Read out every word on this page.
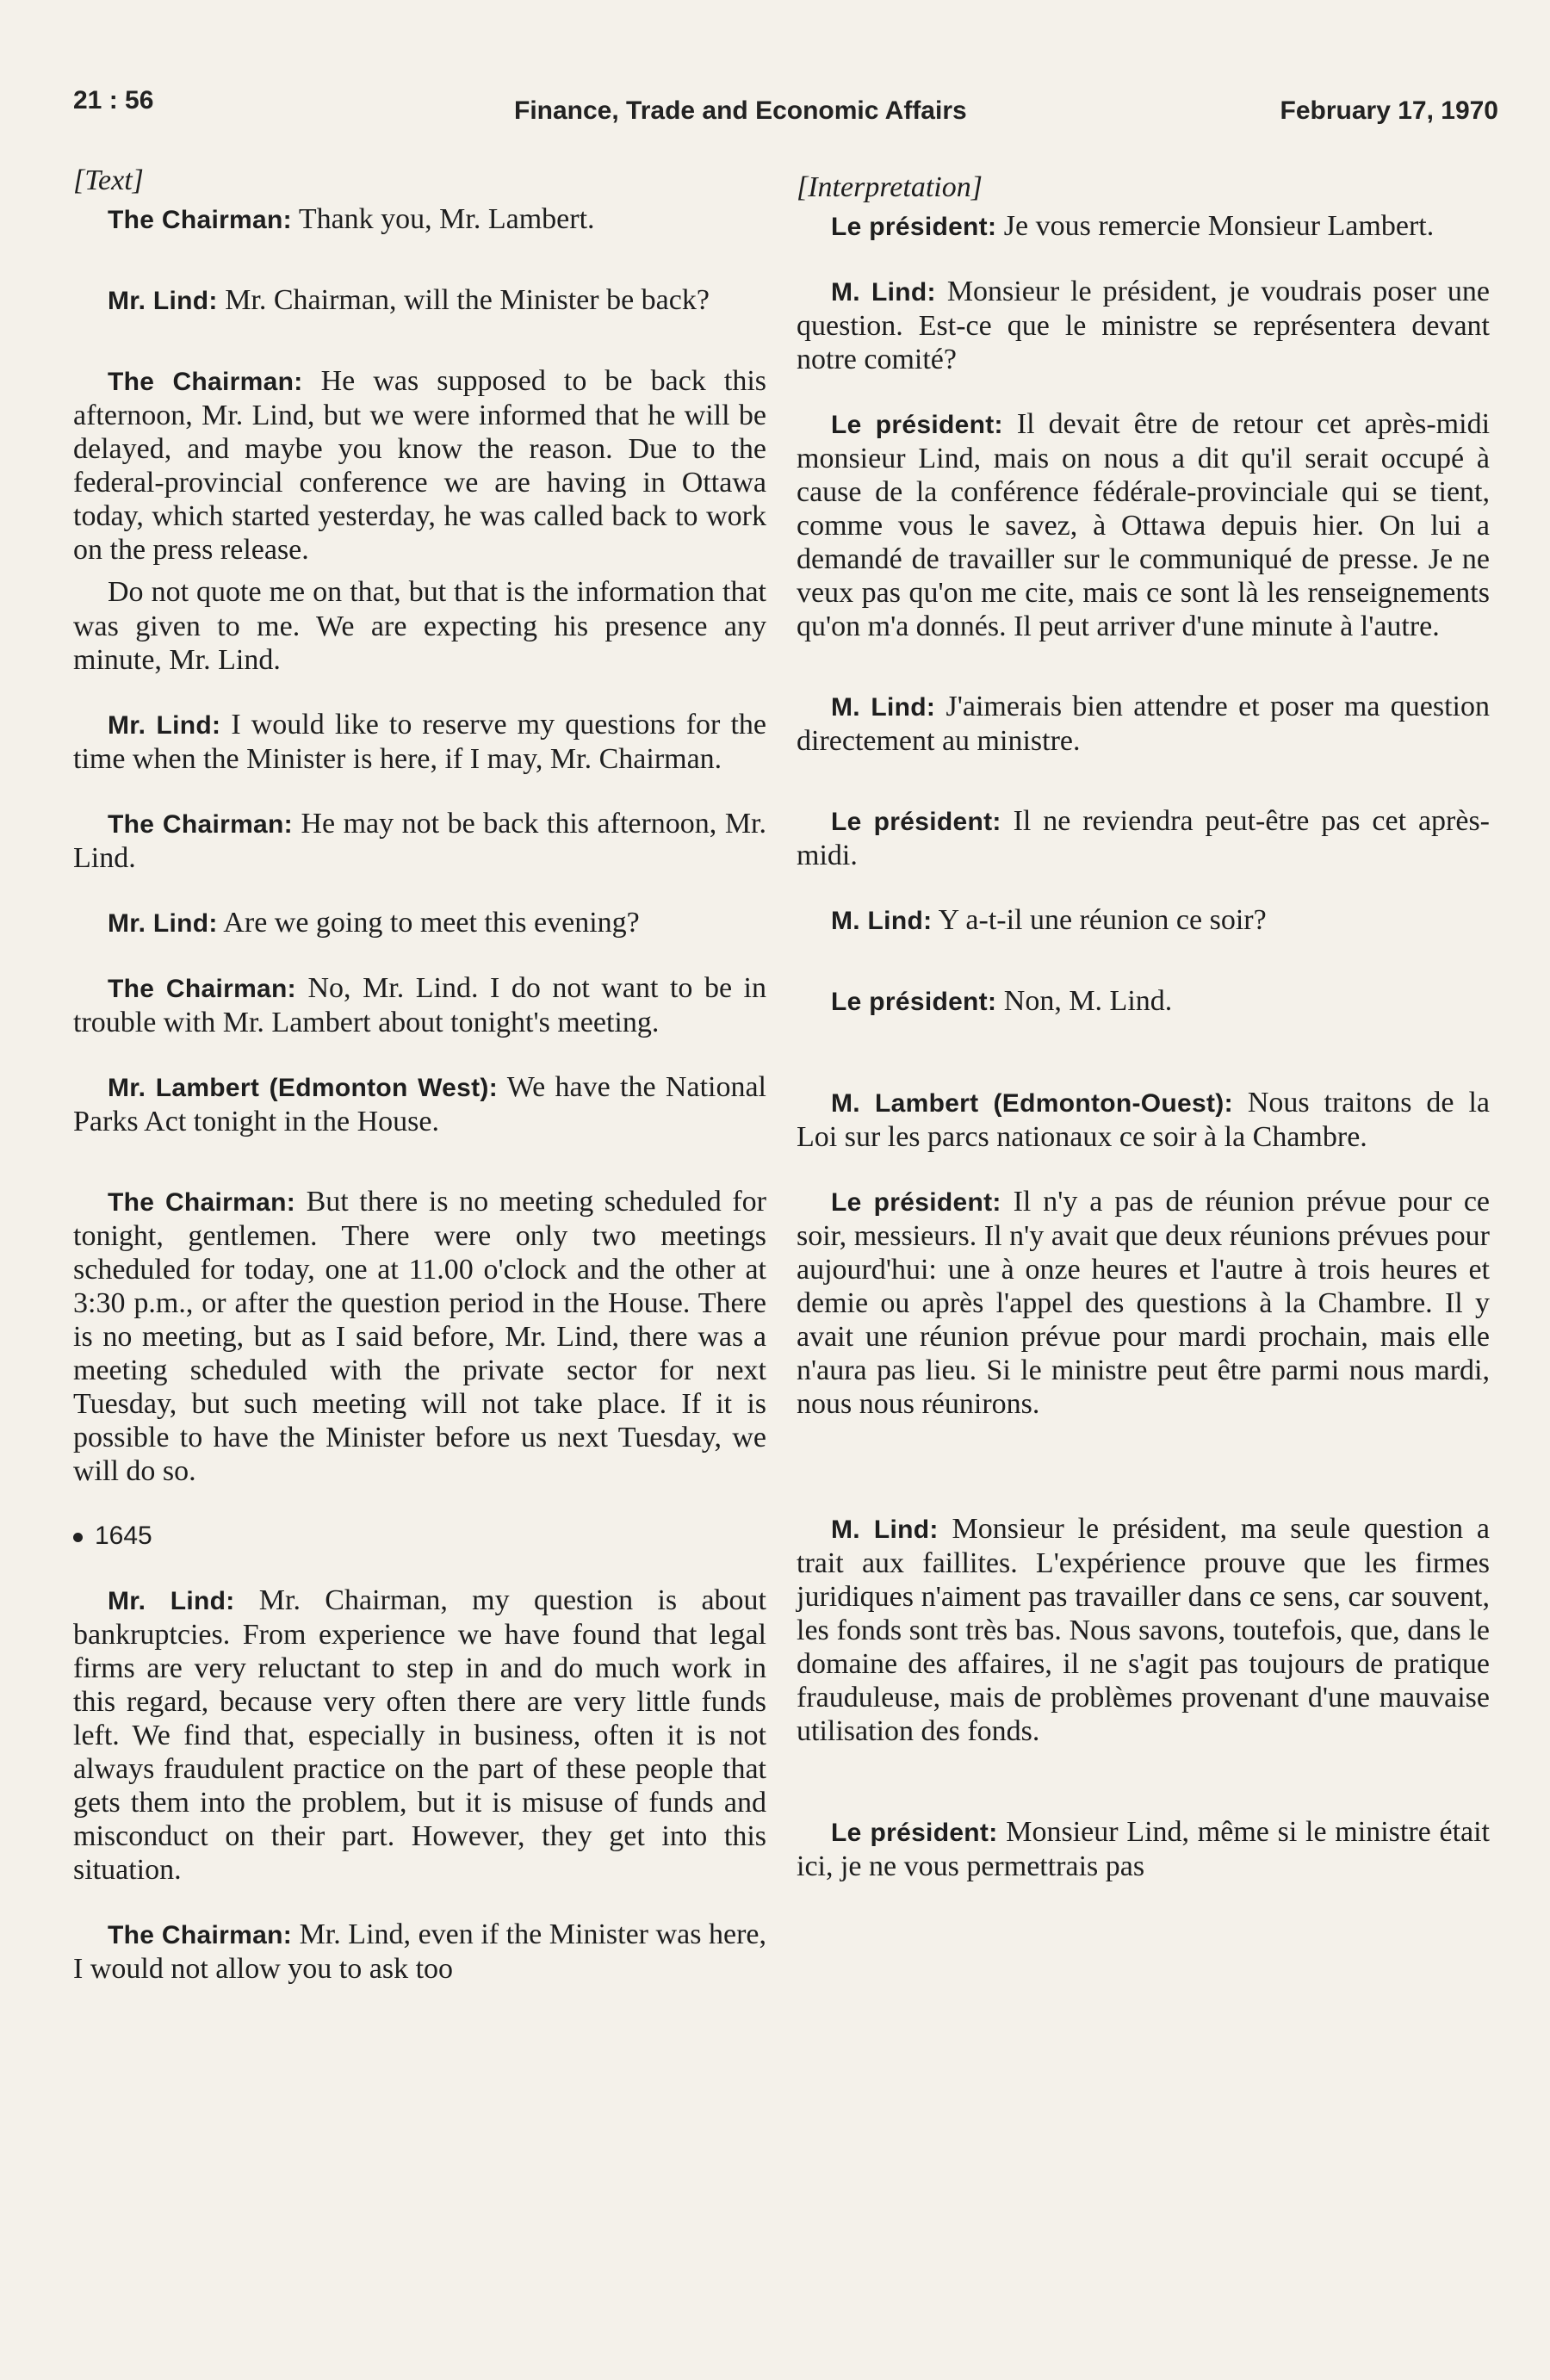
21 : 56	Finance, Trade and Economic Affairs	February 17, 1970
[Text]

The Chairman: Thank you, Mr. Lambert.

Mr. Lind: Mr. Chairman, will the Minister be back?

The Chairman: He was supposed to be back this afternoon, Mr. Lind, but we were informed that he will be delayed, and maybe you know the reason. Due to the federal-provincial conference we are having in Ottawa today, which started yesterday, he was called back to work on the press release.

Do not quote me on that, but that is the information that was given to me. We are expecting his presence any minute, Mr. Lind.

Mr. Lind: I would like to reserve my questions for the time when the Minister is here, if I may, Mr. Chairman.

The Chairman: He may not be back this afternoon, Mr. Lind.

Mr. Lind: Are we going to meet this evening?

The Chairman: No, Mr. Lind. I do not want to be in trouble with Mr. Lambert about tonight's meeting.

Mr. Lambert (Edmonton West): We have the National Parks Act tonight in the House.

The Chairman: But there is no meeting scheduled for tonight, gentlemen. There were only two meetings scheduled for today, one at 11.00 o'clock and the other at 3:30 p.m., or after the question period in the House. There is no meeting, but as I said before, Mr. Lind, there was a meeting scheduled with the private sector for next Tuesday, but such meeting will not take place. If it is possible to have the Minister before us next Tuesday, we will do so.

1645

Mr. Lind: Mr. Chairman, my question is about bankruptcies. From experience we have found that legal firms are very reluctant to step in and do much work in this regard, because very often there are very little funds left. We find that, especially in business, often it is not always fraudulent practice on the part of these people that gets them into the problem, but it is misuse of funds and misconduct on their part. However, they get into this situation.

The Chairman: Mr. Lind, even if the Minister was here, I would not allow you to ask too

[Interpretation]

Le président: Je vous remercie Monsieur Lambert.

M. Lind: Monsieur le président, je voudrais poser une question. Est-ce que le ministre se représentera devant notre comité?

Le président: Il devait être de retour cet après-midi monsieur Lind, mais on nous a dit qu'il serait occupé à cause de la conférence fédérale-provinciale qui se tient, comme vous le savez, à Ottawa depuis hier. On lui a demandé de travailler sur le communiqué de presse. Je ne veux pas qu'on me cite, mais ce sont là les renseignements qu'on m'a donnés. Il peut arriver d'une minute à l'autre.

M. Lind: J'aimerais bien attendre et poser ma question directement au ministre.

Le président: Il ne reviendra peut-être pas cet après-midi.

M. Lind: Y a-t-il une réunion ce soir?

Le président: Non, M. Lind.

M. Lambert (Edmonton-Ouest): Nous traitons de la Loi sur les parcs nationaux ce soir à la Chambre.

Le président: Il n'y a pas de réunion prévue pour ce soir, messieurs. Il n'y avait que deux réunions prévues pour aujourd'hui: une à onze heures et l'autre à trois heures et demie ou après l'appel des questions à la Chambre. Il y avait une réunion prévue pour mardi prochain, mais elle n'aura pas lieu. Si le ministre peut être parmi nous mardi, nous nous réunirons.

M. Lind: Monsieur le président, ma seule question a trait aux faillites. L'expérience prouve que les firmes juridiques n'aiment pas travailler dans ce sens, car souvent, les fonds sont très bas. Nous savons, toutefois, que, dans le domaine des affaires, il ne s'agit pas toujours de pratique frauduleuse, mais de problèmes provenant d'une mauvaise utilisation des fonds.

Le président: Monsieur Lind, même si le ministre était ici, je ne vous permettrais pas
